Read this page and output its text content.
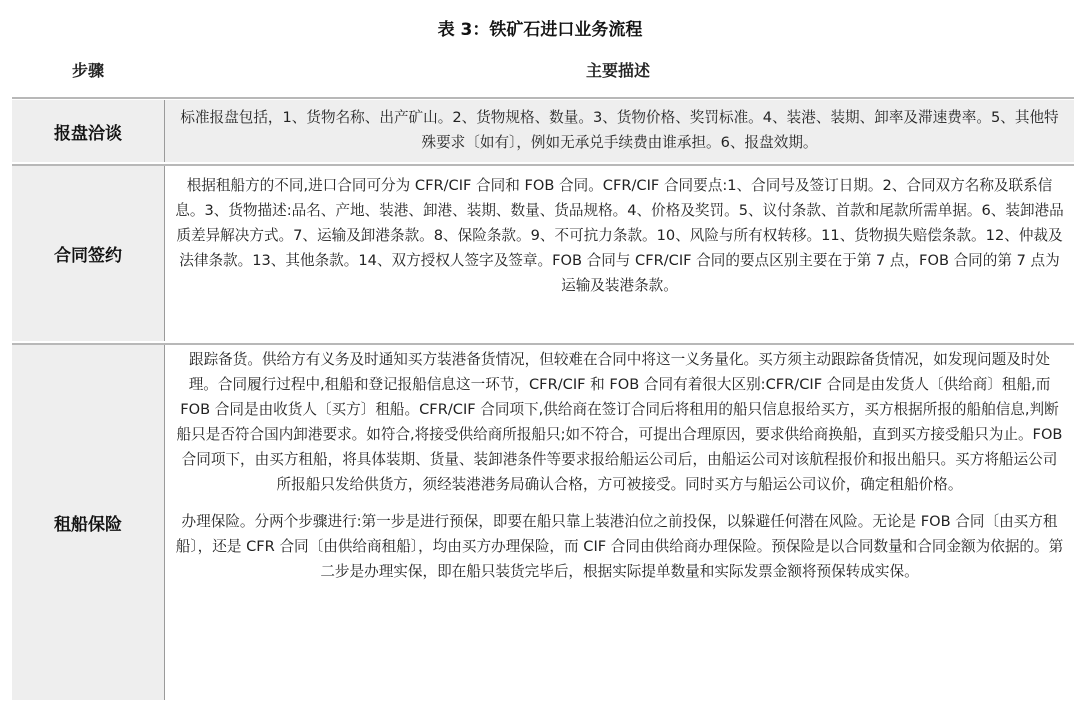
表 3：铁矿石进口业务流程
步骤	主要描述
报盘洽谈

标准报盘包括，1、货物名称、出产矿山。2、货物规格、数量。3、货物价格、奖罚标准。4、装港、装期、卸率及滞速费率。5、其他特殊要求〔如有〕，例如无承兑手续费由谁承担。6、报盘效期。

合同签约

根据租船方的不同,进口合同可分为 CFR/CIF 合同和 FOB 合同。CFR/CIF 合同要点:1、合同号及签订日期。2、合同双方名称及联系信息。3、货物描述:品名、产地、装港、卸港、装期、数量、货品规格。4、价格及奖罚。5、议付条款、首款和尾款所需单据。6、装卸港品质差异解决方式。7、运输及卸港条款。8、保险条款。9、不可抗力条款。10、风险与所有权转移。11、货物损失赔偿条款。12、仲裁及法律条款。13、其他条款。14、双方授权人签字及签章。FOB 合同与 CFR/CIF 合同的要点区别主要在于第 7 点，FOB 合同的第 7 点为运输及装港条款。

租船保险

跟踪备货。供给方有义务及时通知买方装港备货情况，但较难在合同中将这一义务量化。买方须主动跟踪备货情况，如发现问题及时处理。合同履行过程中,租船和登记报船信息这一环节，CFR/CIF 和 FOB 合同有着很大区别:CFR/CIF 合同是由发货人〔供给商〕租船,而 FOB 合同是由收货人〔买方〕租船。CFR/CIF 合同项下,供给商在签订合同后将租用的船只信息报给买方，买方根据所报的船舶信息,判断船只是否符合国内卸港要求。如符合,将接受供给商所报船只;如不符合，可提出合理原因，要求供给商换船，直到买方接受船只为止。FOB 合同项下，由买方租船，将具体装期、货量、装卸港条件等要求报给船运公司后，由船运公司对该航程报价和报出船只。买方将船运公司所报船只发给供货方，须经装港港务局确认合格，方可被接受。同时买方与船运公司议价，确定租船价格。

办理保险。分两个步骤进行:第一步是进行预保，即要在船只靠上装港泊位之前投保，以躲避任何潜在风险。无论是 FOB 合同〔由买方租船〕，还是 CFR 合同〔由供给商租船〕，均由买方办理保险，而 CIF 合同由供给商办理保险。预保险是以合同数量和合同金额为依据的。第二步是办理实保，即在船只装货完毕后，根据实际提单数量和实际发票金额将预保转成实保。
